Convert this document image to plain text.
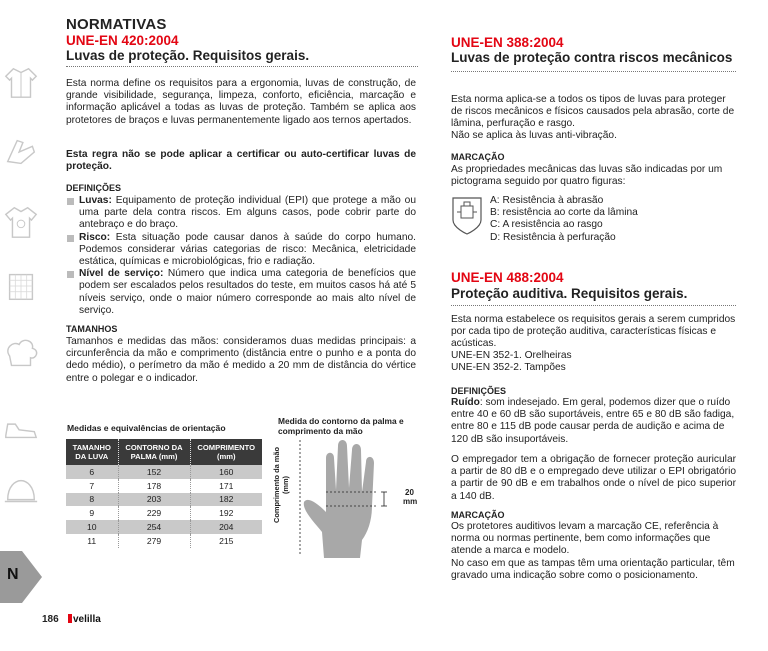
N
NORMATIVAS
UNE-EN 420:2004
Luvas de proteção. Requisitos gerais.

Esta norma define os requisitos para a ergonomia, luvas de construção, de grande visibilidade, segurança, limpeza, conforto, eficiência, marcação e informação aplicável a todas as luvas de proteção. Também se aplica aos protetores de braços e luvas permanentemente ligado aos ternos apertados.

Esta regra não se pode aplicar a certificar ou auto-certificar luvas de proteção.

DEFINIÇÕES
Luvas: Equipamento de proteção individual (EPI) que protege a mão ou uma parte dela contra riscos. Em alguns casos, pode cobrir parte do antebraço e do braço.
Risco: Esta situação pode causar danos à saúde do corpo humano. Podemos considerar várias categorias de risco: Mecânica, eletricidade estática, químicas e microbiológicas, frio e radiação.
Nível de serviço: Número que indica uma categoria de benefícios que podem ser escalados pelos resultados do teste, em muitos casos há até 5 níveis serviço, onde o maior número corresponde ao mais alto nível de serviço.
TAMANHOS

Tamanhos e medidas das mãos: consideramos duas medidas principais: a circunferência da mão e comprimento (distância entre o punho e a ponta do dedo médio), o perímetro da mão é medido a 20 mm de distância do vértice entre o polegar e o indicador.

Medidas e equivalências de orientação
TAMANHO DA LUVA	CONTORNO DA PALMA (mm)	COMPRIMENTO (mm)
6	152	160
7	178	171
8	203	182
9	229	192
10	254	204
11	279	215
Medida do contorno da palma e comprimento da mão
Comprimento da mão (mm)	20
mm
UNE-EN 388:2004
Luvas de proteção contra riscos mecânicos

Esta norma aplica-se a todos os tipos de luvas para proteger de riscos mecânicos e físicos causados pela abrasão, corte de lâmina, perfuração e rasgo.

Não se aplica às luvas anti-vibração.

MARCAÇÃO

As propriedades mecânicas das luvas são indicadas por um pictograma seguido por quatro figuras:

A: Resistência à abrasão
B: resistência ao corte da lâmina
C: A resistência ao rasgo
D: Resistência à perfuração
UNE-EN 488:2004
Proteção auditiva. Requisitos gerais.

Esta norma estabelece os requisitos gerais a serem cumpridos por cada tipo de proteção auditiva, características físicas e acústicas.

UNE-EN 352-1. Orelheiras

UNE-EN 352-2. Tampões

DEFINIÇÕES

Ruído: som indesejado. Em geral, podemos dizer que o ruído entre 40 e 60 dB são suportáveis, entre 65 e 80 dB são fadiga, entre 80 e 115 dB pode causar perda de audição e acima de 120 dB são insuportáveis.

O empregador tem a obrigação de fornecer proteção auricular a partir de 80 dB e o empregado deve utilizar o EPI obrigatório a partir de 90 dB e em trabalhos onde o nível de pico superior a 140 dB.

MARCAÇÃO

Os protetores auditivos levam a marcação CE, referência à norma ou normas pertinente, bem como informações que atende a marca e modelo.

No caso em que as tampas têm uma orientação particular, têm gravado uma indicação sobre como o posicionamento.

186	velilla
